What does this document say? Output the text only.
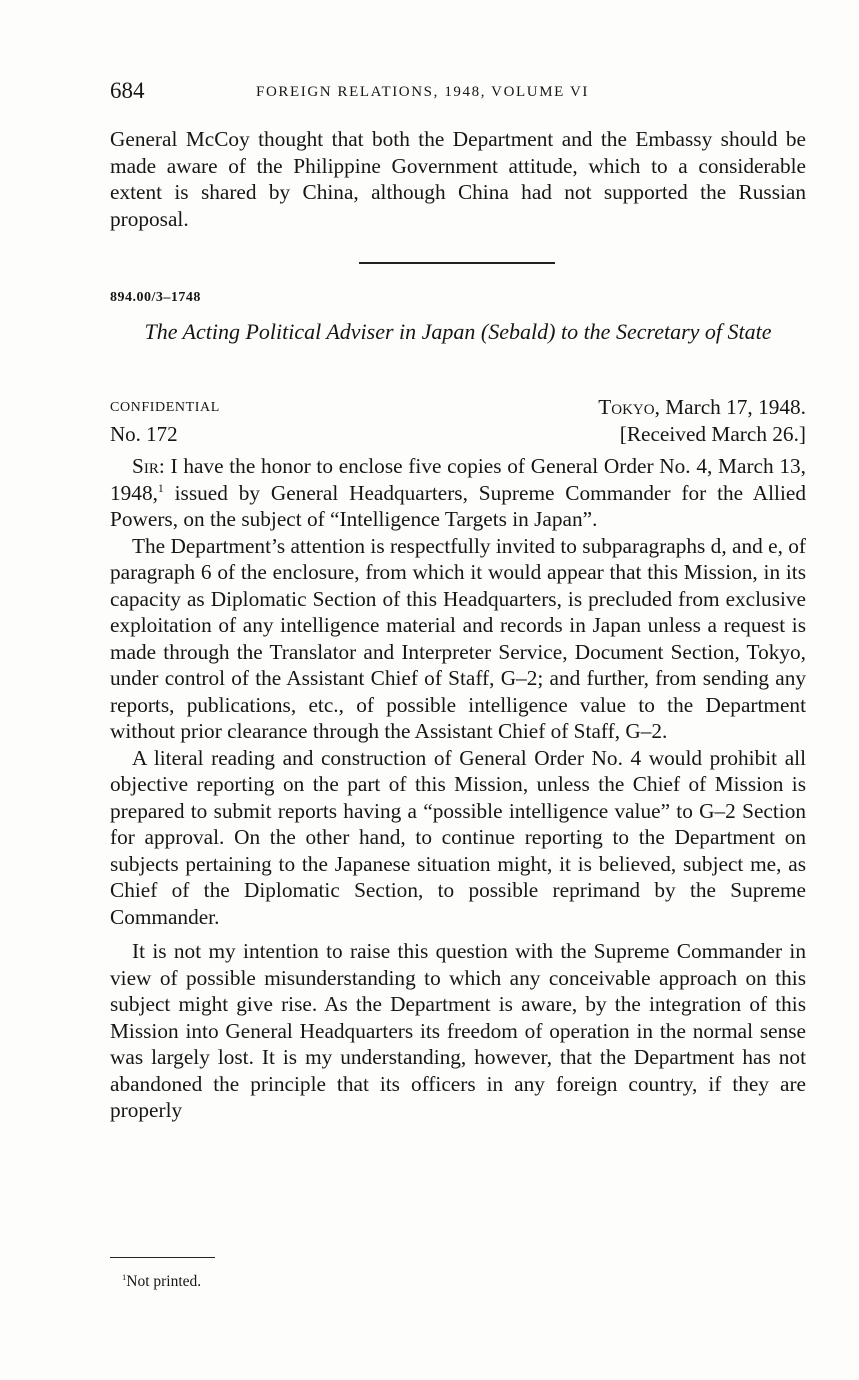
684	FOREIGN RELATIONS, 1948, VOLUME VI

General McCoy thought that both the Department and the Embassy should be made aware of the Philippine Government attitude, which to a considerable extent is shared by China, although China had not supported the Russian proposal.

894.00/3–1748
The Acting Political Adviser in Japan (Sebald) to the Secretary of State
CONFIDENTIAL
No. 172
Tokyo, March 17, 1948.
[Received March 26.]

Sir: I have the honor to enclose five copies of General Order No. 4, March 13, 1948,$^1$ issued by General Headquarters, Supreme Commander for the Allied Powers, on the subject of “Intelligence Targets in Japan”.

The Department’s attention is respectfully invited to subparagraphs d, and e, of paragraph 6 of the enclosure, from which it would appear that this Mission, in its capacity as Diplomatic Section of this Headquarters, is precluded from exclusive exploitation of any intelligence material and records in Japan unless a request is made through the Translator and Interpreter Service, Document Section, Tokyo, under control of the Assistant Chief of Staff, G–2; and further, from sending any reports, publications, etc., of possible intelligence value to the Department without prior clearance through the Assistant Chief of Staff, G–2.

A literal reading and construction of General Order No. 4 would prohibit all objective reporting on the part of this Mission, unless the Chief of Mission is prepared to submit reports having a “possible intelligence value” to G–2 Section for approval. On the other hand, to continue reporting to the Department on subjects pertaining to the Japanese situation might, it is believed, subject me, as Chief of the Diplomatic Section, to possible reprimand by the Supreme Commander.

It is not my intention to raise this question with the Supreme Commander in view of possible misunderstanding to which any conceivable approach on this subject might give rise. As the Department is aware, by the integration of this Mission into General Headquarters its freedom of operation in the normal sense was largely lost. It is my understanding, however, that the Department has not abandoned the principle that its officers in any foreign country, if they are properly

$^1$Not printed.
